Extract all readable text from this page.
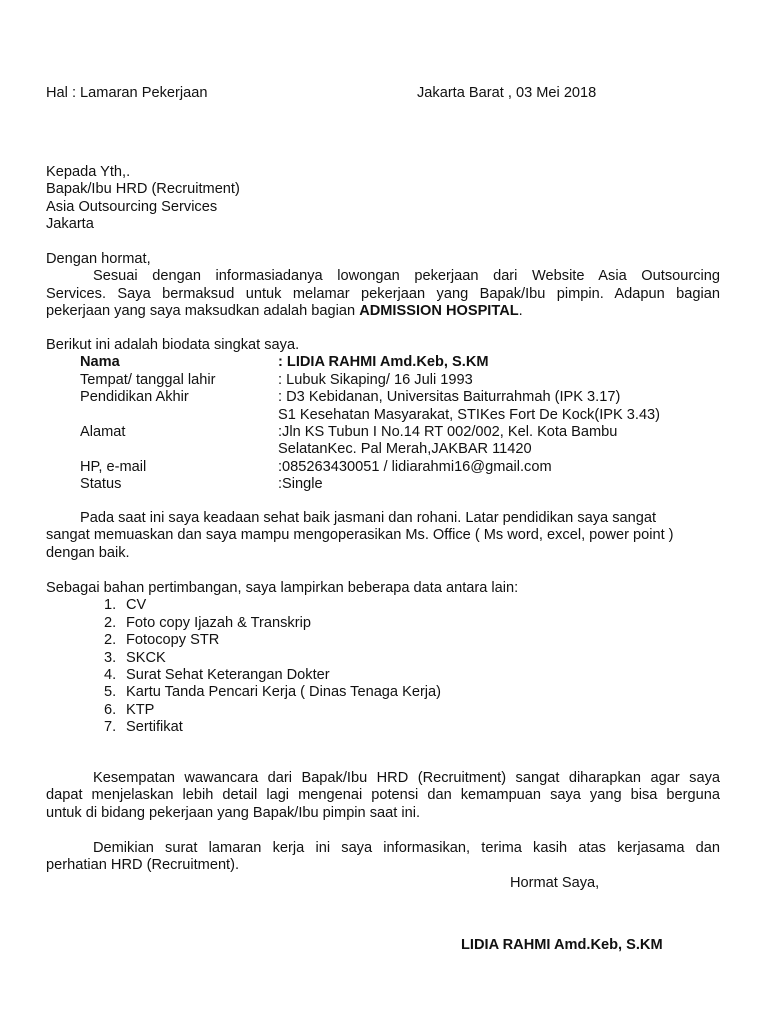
Hal : Lamaran Pekerjaan	Jakarta Barat , 03 Mei 2018
Kepada Yth,.
Bapak/Ibu HRD (Recruitment)
Asia Outsourcing Services
Jakarta
Dengan hormat,
Sesuai dengan informasiadanya lowongan pekerjaan dari Website Asia Outsourcing
Services. Saya bermaksud untuk melamar pekerjaan yang Bapak/Ibu pimpin. Adapun bagian
pekerjaan yang saya maksudkan adalah bagian ADMISSION HOSPITAL.
Berikut ini adalah biodata singkat saya.
Nama	: LIDIA RAHMI Amd.Keb, S.KM
Tempat/ tanggal lahir	: Lubuk Sikaping/ 16 Juli 1993
Pendidikan Akhir	: D3 Kebidanan, Universitas Baiturrahmah (IPK 3.17)
S1 Kesehatan Masyarakat, STIKes Fort De Kock(IPK 3.43)
Alamat	:Jln KS Tubun I No.14 RT 002/002, Kel. Kota Bambu
SelatanKec. Pal Merah,JAKBAR 11420
HP, e-mail	:085263430051 / lidiarahmi16@gmail.com
Status	:Single
Pada saat ini saya keadaan sehat baik jasmani dan rohani. Latar pendidikan saya sangat
sangat memuaskan dan saya mampu mengoperasikan Ms. Office ( Ms word, excel, power point )
dengan baik.
Sebagai bahan pertimbangan, saya lampirkan beberapa data antara lain:
1. CV
2. Foto copy Ijazah & Transkrip
2. Fotocopy STR
3. SKCK
4. Surat Sehat Keterangan Dokter
5. Kartu Tanda Pencari Kerja ( Dinas Tenaga Kerja)
6. KTP
7. Sertifikat
Kesempatan wawancara dari Bapak/Ibu HRD (Recruitment) sangat diharapkan agar saya
dapat menjelaskan lebih detail lagi mengenai potensi dan kemampuan saya yang bisa berguna
untuk di bidang pekerjaan yang Bapak/Ibu pimpin saat ini.
Demikian surat lamaran kerja ini saya informasikan, terima kasih atas kerjasama dan
perhatian HRD (Recruitment).
Hormat Saya,
LIDIA RAHMI Amd.Keb, S.KM
